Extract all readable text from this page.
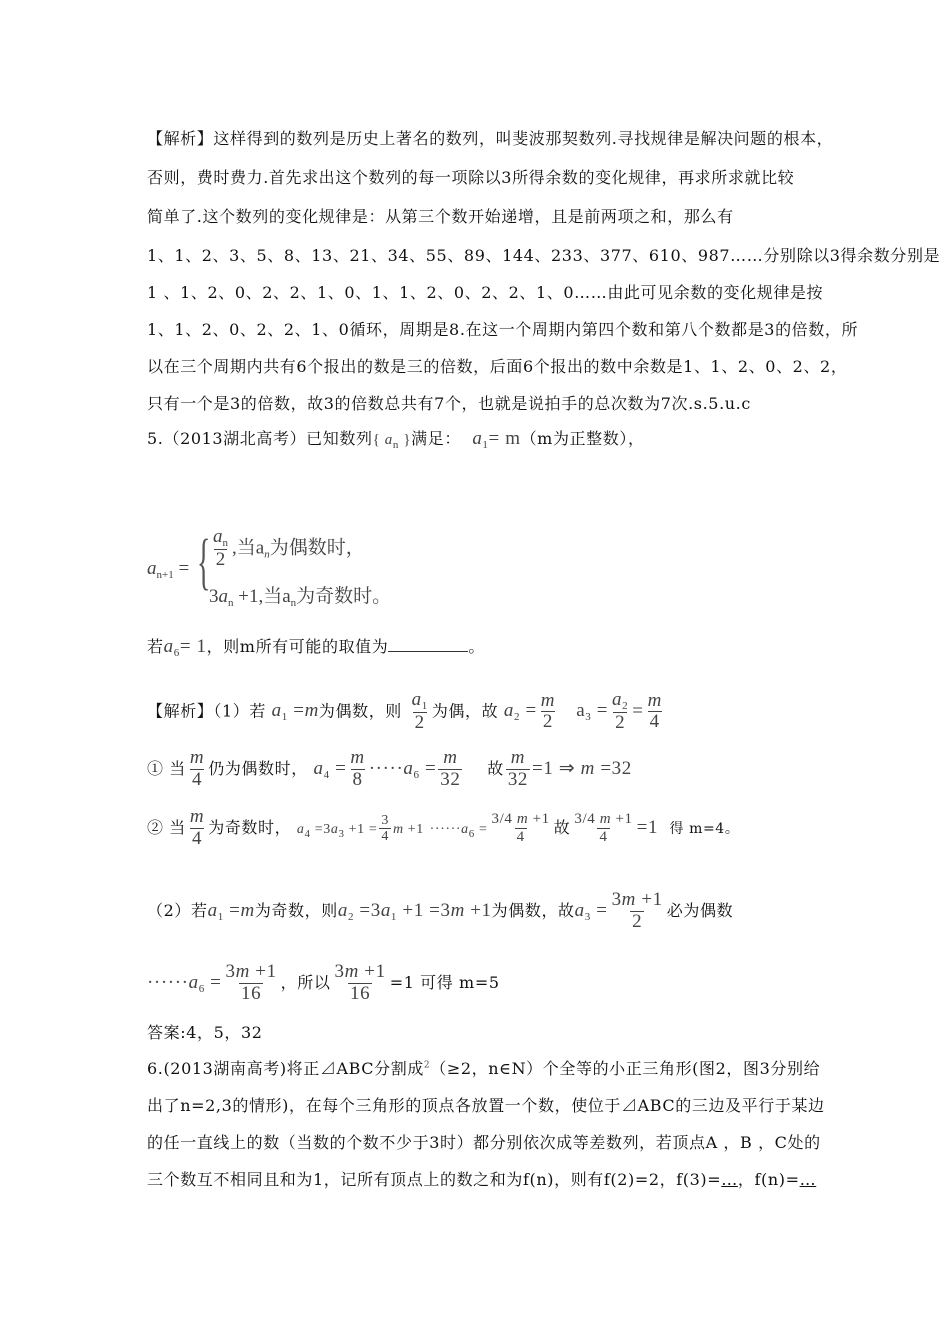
【解析】这样得到的数列是历史上著名的数列，叫斐波那契数列.寻找规律是解决问题的根本，
否则，费时费力.首先求出这个数列的每一项除以3所得余数的变化规律，再求所求就比较
简单了.这个数列的变化规律是：从第三个数开始递增，且是前两项之和，那么有
1、1、2、3、5、8、13、21、34、55、89、144、233、377、610、987……分别除以3得余数分别是
1 、1、2、0、2、2、1、0、1、1、2、0、2、2、1、0……由此可见余数的变化规律是按
1、1、2、0、2、2、1、0循环，周期是8.在这一个周期内第四个数和第八个数都是3的倍数，所
以在三个周期内共有6个报出的数是三的倍数，后面6个报出的数中余数是1、1、2、0、2、2，
只有一个是3的倍数，故3的倍数总共有7个，也就是说拍手的总次数为7次.s.5.u.c
5.（2013湖北高考）已知数列{ $a_n$ }满足： $a_1= m(m$为正整数），
$a_{n+1}$ = { $\frac{a_n}{2}$ ,当$a_n$为偶数时，
$3a_n +1$,当$a_n$为奇数时。
若$a_6= 1$，则m所有可能的取值为	。
【解析】（1）若 $a_1 =m$为偶数，则 $\frac{a_1}{2}$ 为偶，故 $a_2 = \frac{m}{2} a_3 = \frac{a_2}{2} = \frac{m}{4}$
① 当 $\frac{m}{4}$ 仍为偶数时， $a_4 = \frac{m}{8} \cdot\cdot\cdot\cdot\cdot a_6 = \frac{m}{32}$ 故 $\frac{m}{32} =1$ ⇒ m =32
② 当 $\frac{m}{4}$ 为奇数时， $a_4 =3a_3 +1 = \frac{3}{4}$ $m +1 \cdot\cdot\cdot\cdot\cdot\cdot a_6 = \frac{3/4 m +1}{4}$ 故 $\frac{3/4 m +1}{4} =1$ 得 m=4。
（2）若$a_1 =m$为奇数，则$a_2 =3a_1 +1 =3m +1$为偶数，故$a_3 = \frac{3m +1}{2}$ 必为偶数
$\cdot\cdot\cdot\cdot\cdot\cdot a_6 = \frac{3m +1}{16}$ ，所以 $\frac{3m +1}{16} =1$ 可得 m=5
答案:4，5，32
6.(2013湖南高考)将正⊿ABC分割成$^2$（≥2，n∈N）个全等的小正三角形(图2，图3分别给
出了n=2,3的情形)，在每个三角形的顶点各放置一个数，使位于⊿ABC的三边及平行于某边
的任一直线上的数（当数的个数不少于3时）都分别依次成等差数列，若顶点A ，B ，C处的
三个数互不相同且和为1，记所有顶点上的数之和为f(n)，则有f(2)=2，f(3)=…，f(n)=…
